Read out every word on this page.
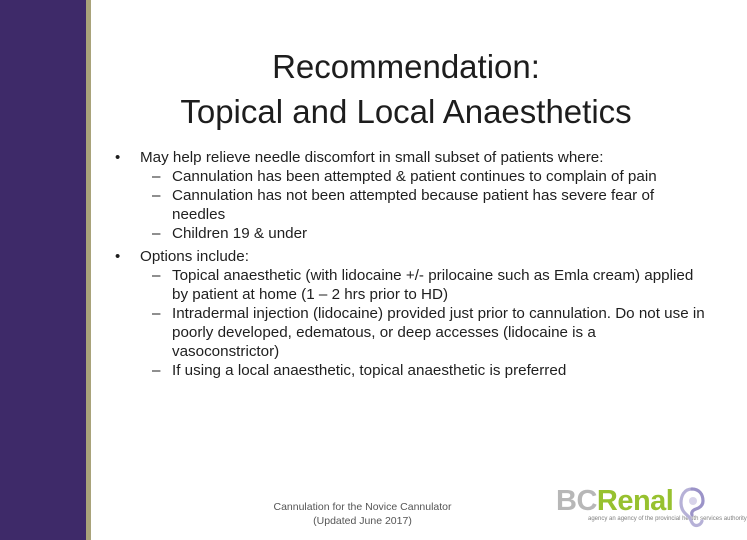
Recommendation:
Topical and Local Anaesthetics
•	May help relieve needle discomfort in small subset of patients where:
– Cannulation has been attempted & patient continues to complain of pain
– Cannulation has not been attempted because patient has severe fear of needles
– Children 19 & under
•	Options include:
– Topical anaesthetic (with lidocaine +/- prilocaine such as Emla cream) applied by patient at home (1 – 2 hrs prior to HD)
– Intradermal injection (lidocaine) provided just prior to cannulation. Do not use in poorly developed, edematous, or deep accesses (lidocaine is a vasoconstrictor)
– If using a local anaesthetic, topical anaesthetic is preferred
Cannulation for the Novice Cannulator
(Updated June 2017)
BCRenal
agency an agency of the provincial health services authority
